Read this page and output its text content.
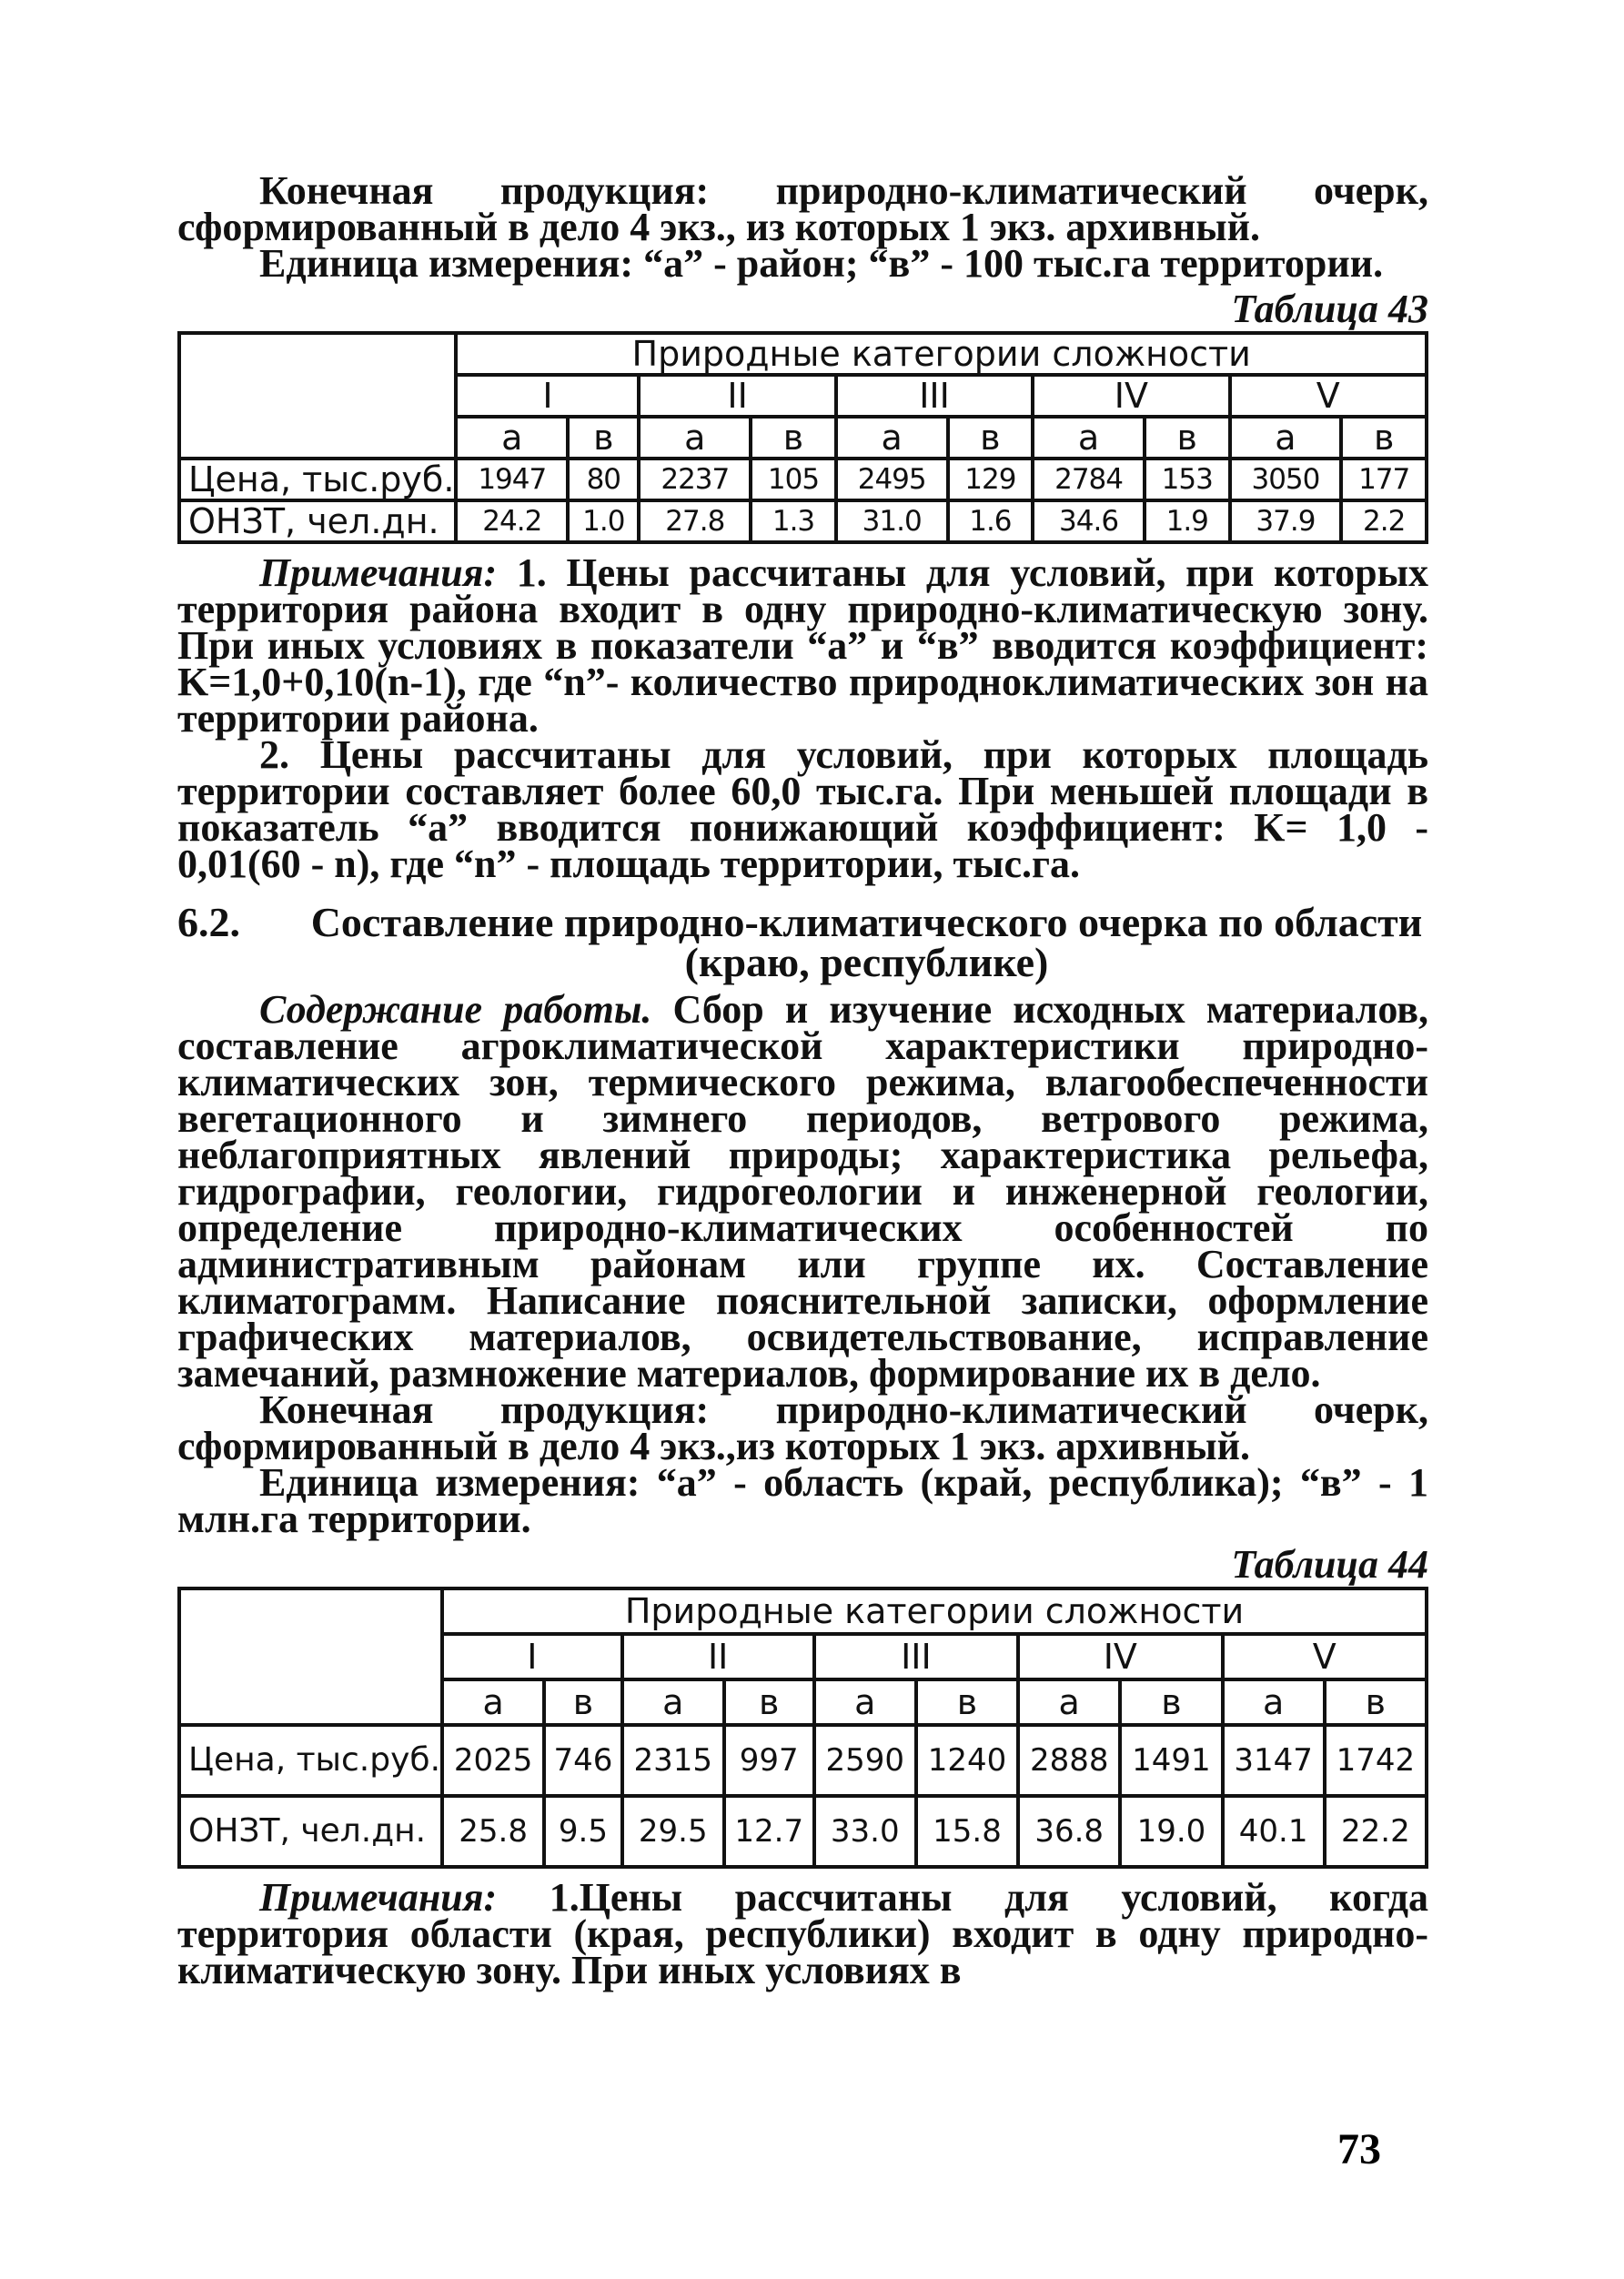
Конечная продукция: природно-климатический очерк, сформированный в дело 4 экз., из которых 1 экз. архивный.

Единица измерения: “а” - район; “в” - 100 тыс.га территории.

Таблица 43
	Природные категории сложности									
	I		II		III		IV		V	
	а	в	а	в	а	в	а	в	а	в
Цена, тыс.руб.	1947	80	2237	105	2495	129	2784	153	3050	177
ОНЗТ, чел.дн.	24.2	1.0	27.8	1.3	31.0	1.6	34.6	1.9	37.9	2.2

Примечания: 1. Цены рассчитаны для условий, при которых территория района входит в одну природно-климатическую зону. При иных условиях в показатели “а” и “в” вводится коэффициент: K=1,0+0,10(n-1), где “n”- количество природноклиматических зон на территории района.

2. Цены рассчитаны для условий, при которых площадь территории составляет более 60,0 тыс.га. При меньшей площади в показатель “а” вводится понижающий коэффициент: K= 1,0 - 0,01(60 - n), где “n” - площадь территории, тыс.га.

6.2.	Составление природно-климатического очерка по области (краю, республике)

Содержание работы. Сбор и изучение исходных материалов, составление агроклиматической характеристики природно-климатических зон, термического режима, влагообеспеченности вегетационного и зимнего периодов, ветрового режима, неблагоприятных явлений природы; характеристика рельефа, гидрографии, геологии, гидрогеологии и инженерной геологии, определение природно-климатических особенностей по административным районам или группе их. Составление климатограмм. Написание пояснительной записки, оформление графических материалов, освидетельствование, исправление замечаний, размножение материалов, формирование их в дело.

Конечная продукция: природно-климатический очерк, сформированный в дело 4 экз.,из которых 1 экз. архивный.

Единица измерения: “а” - область (край, республика); “в” - 1 млн.га территории.

Таблица 44
	Природные категории сложности									
	I		II		III		IV		V	
	а	в	а	в	а	в	а	в	а	в
Цена, тыс.руб.	2025	746	2315	997	2590	1240	2888	1491	3147	1742
ОНЗТ, чел.дн.	25.8	9.5	29.5	12.7	33.0	15.8	36.8	19.0	40.1	22.2

Примечания: 1.Цены рассчитаны для условий, когда территория области (края, республики) входит в одну природно-климатическую зону. При иных условиях в

73
